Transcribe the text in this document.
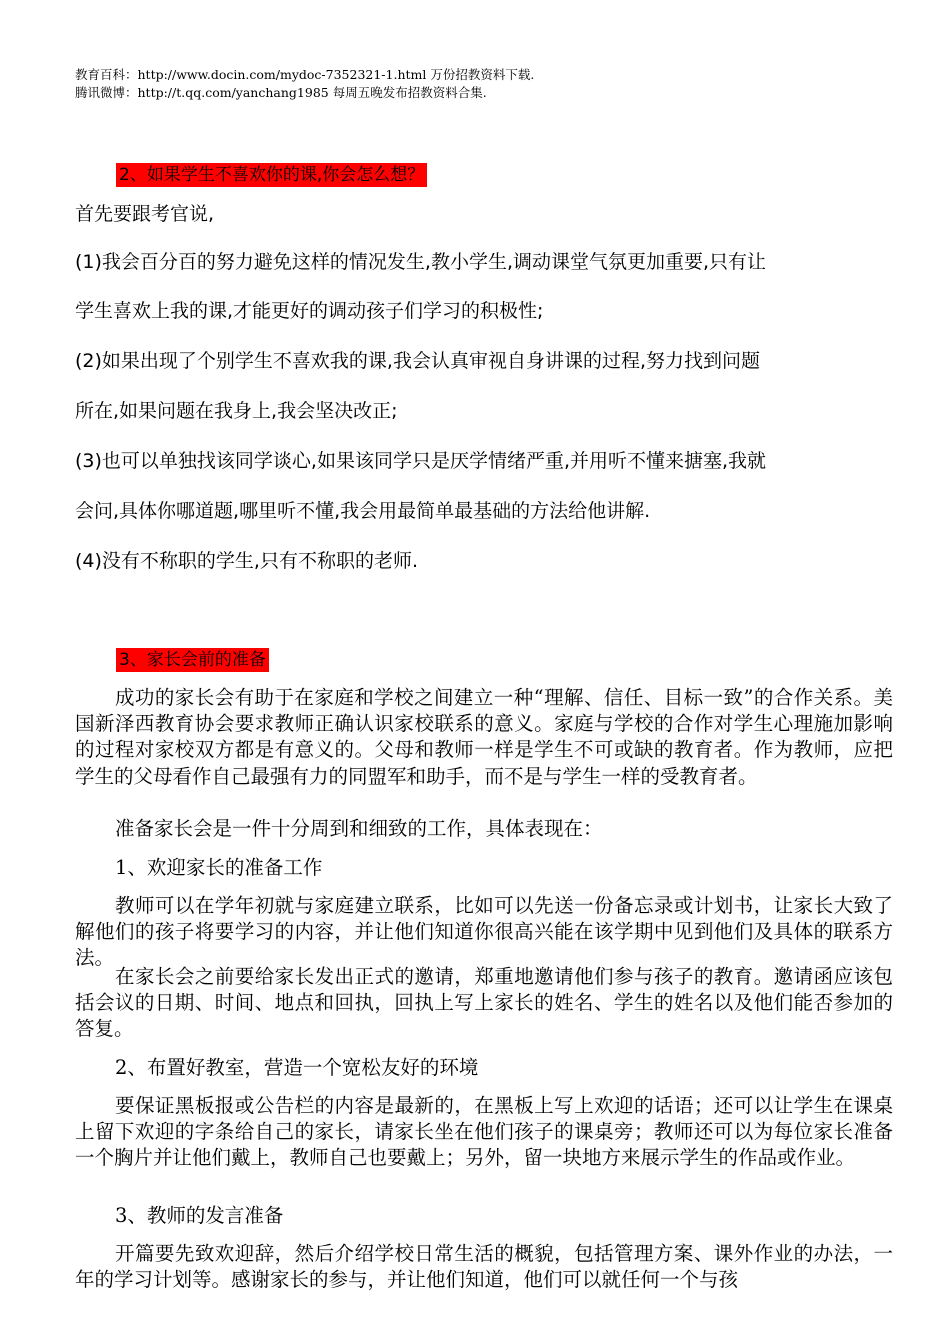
教育百科：http://www.docin.com/mydoc-7352321-1.html 万份招教资料下载.
腾讯微博：http://t.qq.com/yanchang1985 每周五晚发布招教资料合集.
2、如果学生不喜欢你的课,你会怎么想？
首先要跟考官说,
(1)我会百分百的努力避免这样的情况发生,教小学生,调动课堂气氛更加重要,只有让
学生喜欢上我的课,才能更好的调动孩子们学习的积极性;
(2)如果出现了个别学生不喜欢我的课,我会认真审视自身讲课的过程,努力找到问题
所在,如果问题在我身上,我会坚决改正;
(3)也可以单独找该同学谈心,如果该同学只是厌学情绪严重,并用听不懂来搪塞,我就
会问,具体你哪道题,哪里听不懂,我会用最简单最基础的方法给他讲解.
(4)没有不称职的学生,只有不称职的老师.
3、家长会前的准备

成功的家长会有助于在家庭和学校之间建立一种“理解、信任、目标一致”的合作关系。美国新泽西教育协会要求教师正确认识家校联系的意义。家庭与学校的合作对学生心理施加影响的过程对家校双方都是有意义的。父母和教师一样是学生不可或缺的教育者。作为教师，应把学生的父母看作自己最强有力的同盟军和助手，而不是与学生一样的受教育者。

准备家长会是一件十分周到和细致的工作，具体表现在：
1、欢迎家长的准备工作

教师可以在学年初就与家庭建立联系，比如可以先送一份备忘录或计划书，让家长大致了解他们的孩子将要学习的内容，并让他们知道你很高兴能在该学期中见到他们及具体的联系方法。

在家长会之前要给家长发出正式的邀请，郑重地邀请他们参与孩子的教育。邀请函应该包括会议的日期、时间、地点和回执，回执上写上家长的姓名、学生的姓名以及他们能否参加的答复。

2、布置好教室，营造一个宽松友好的环境

要保证黑板报或公告栏的内容是最新的，在黑板上写上欢迎的话语；还可以让学生在课桌上留下欢迎的字条给自己的家长，请家长坐在他们孩子的课桌旁；教师还可以为每位家长准备一个胸片并让他们戴上，教师自己也要戴上；另外，留一块地方来展示学生的作品或作业。

3、教师的发言准备

开篇要先致欢迎辞，然后介绍学校日常生活的概貌，包括管理方案、课外作业的办法，一年的学习计划等。感谢家长的参与，并让他们知道，他们可以就任何一个与孩
